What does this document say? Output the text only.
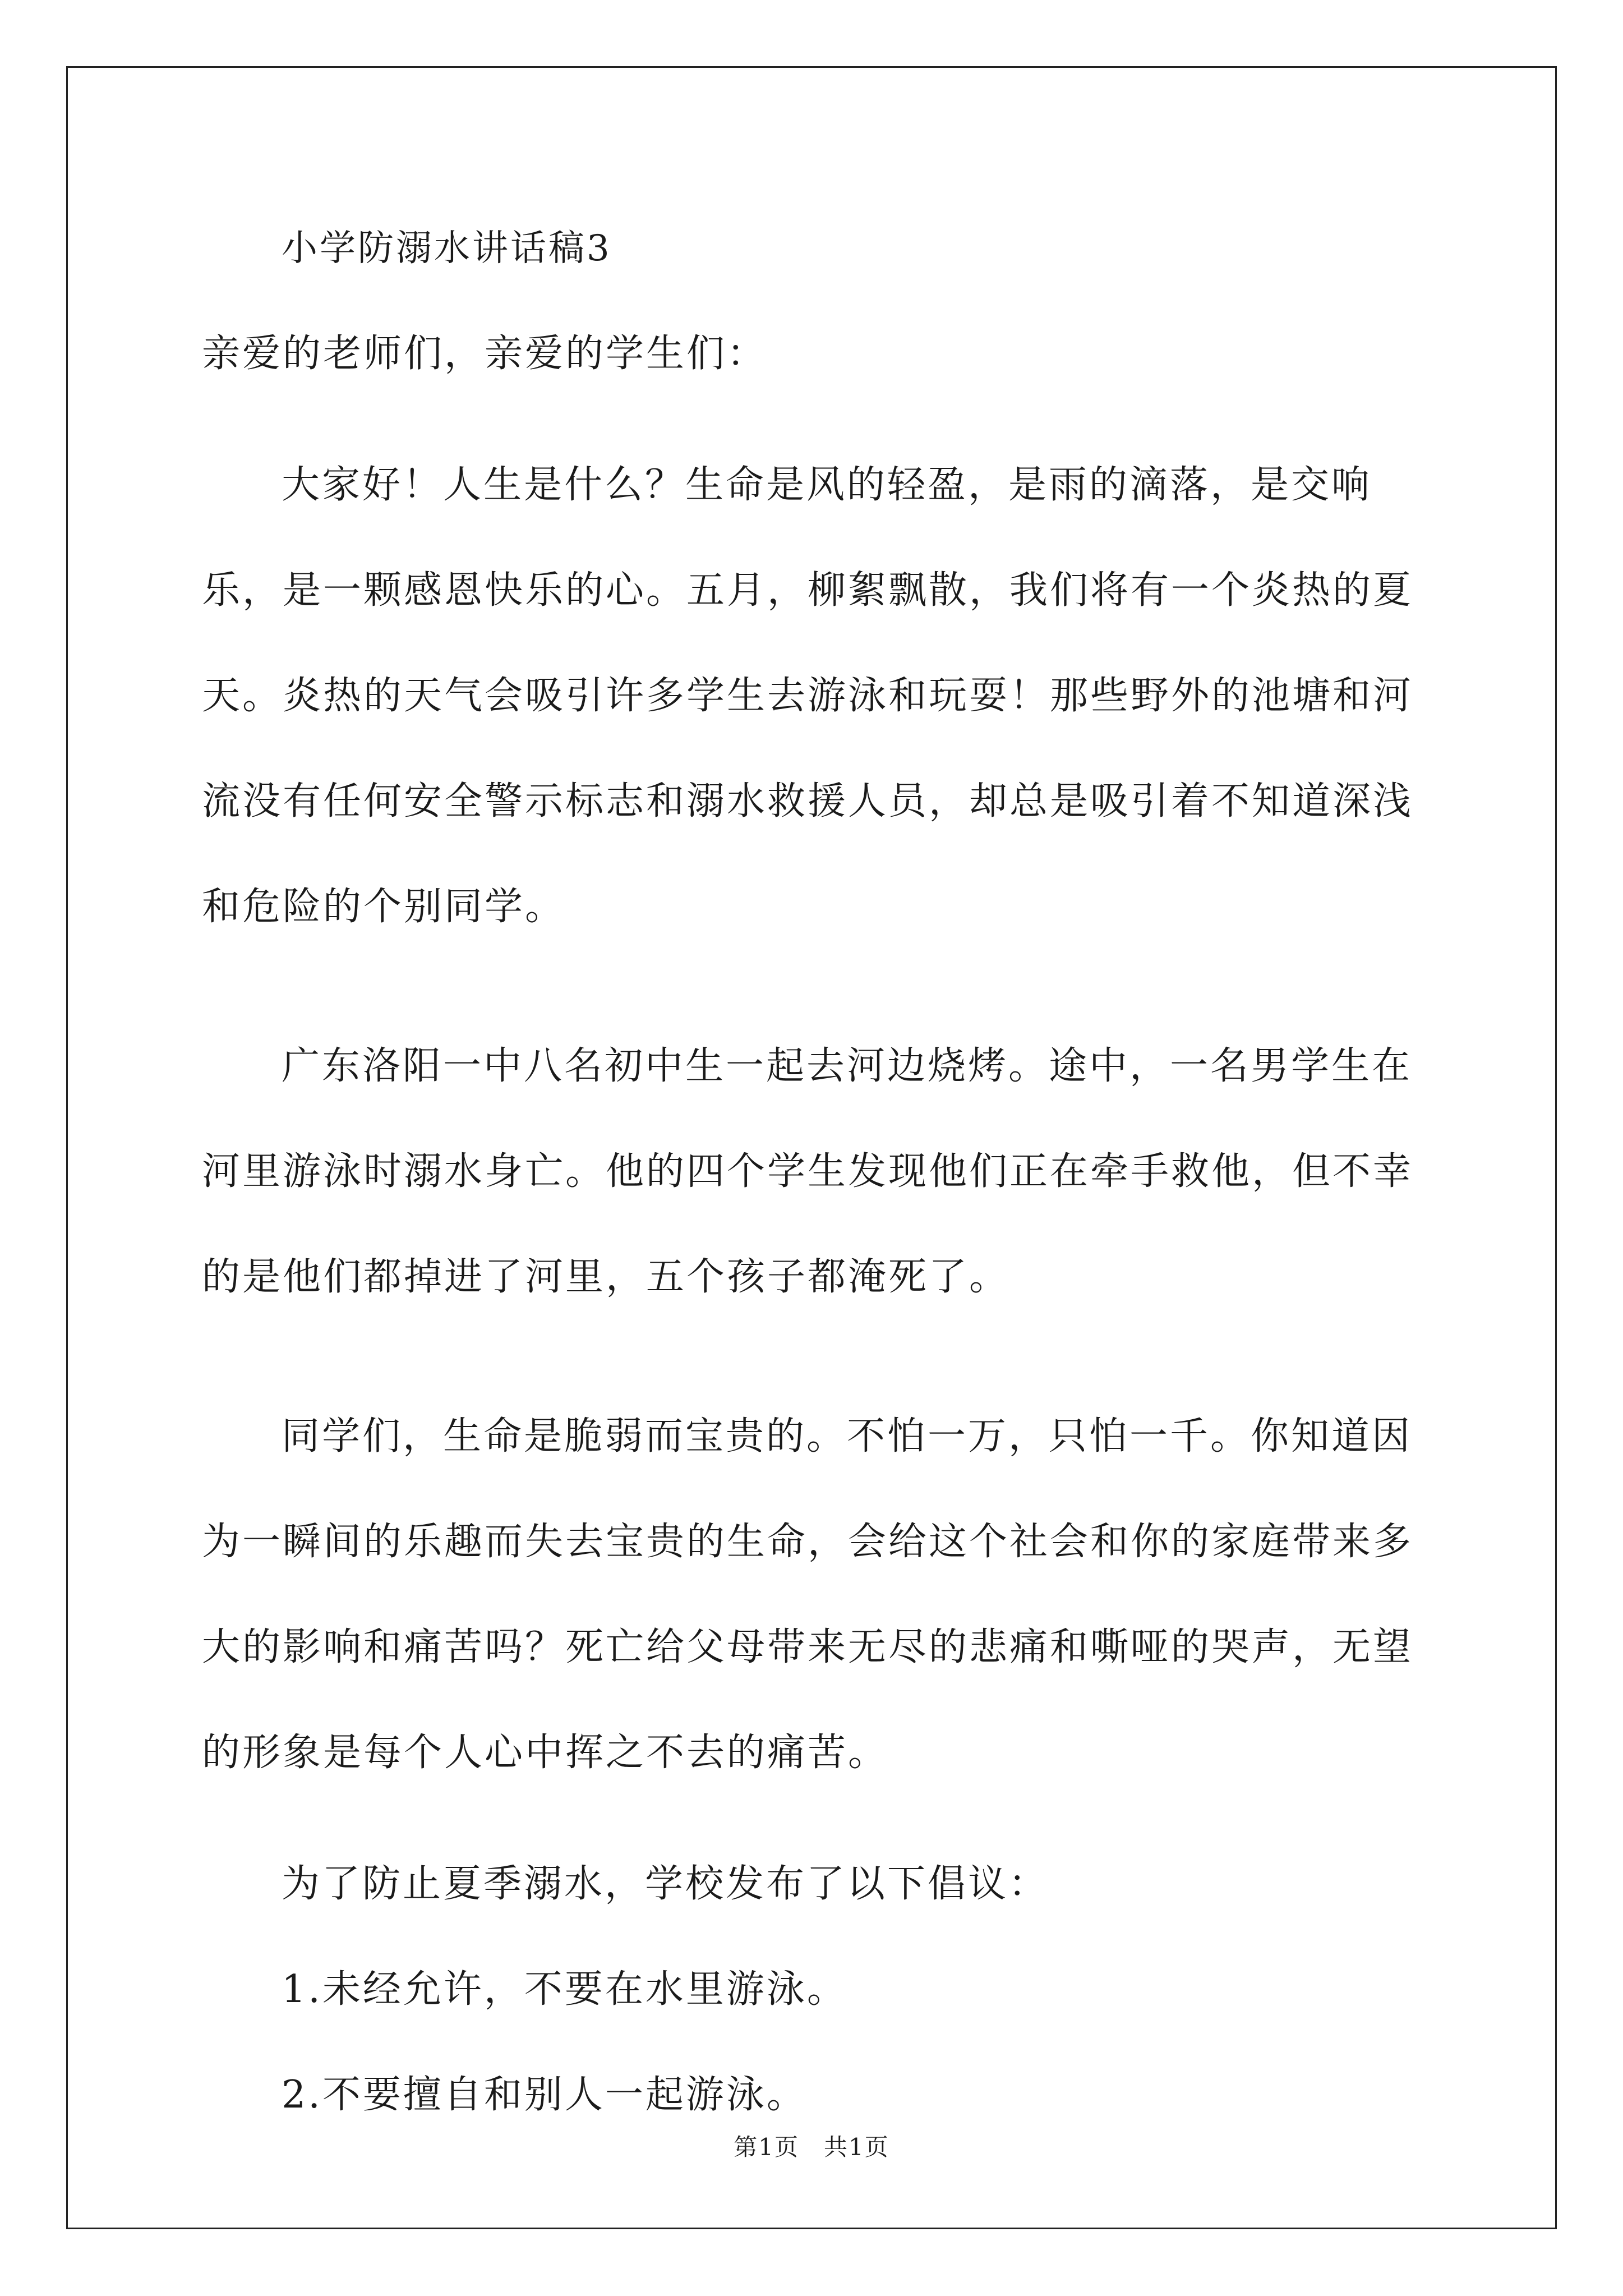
小学防溺水讲话稿3

亲爱的老师们，亲爱的学生们：

大家好！人生是什么？生命是风的轻盈，是雨的滴落，是交响乐，是一颗感恩快乐的心。五月，柳絮飘散，我们将有一个炎热的夏天。炎热的天气会吸引许多学生去游泳和玩耍！那些野外的池塘和河流没有任何安全警示标志和溺水救援人员，却总是吸引着不知道深浅和危险的个别同学。

广东洛阳一中八名初中生一起去河边烧烤。途中，一名男学生在河里游泳时溺水身亡。他的四个学生发现他们正在牵手救他，但不幸的是他们都掉进了河里，五个孩子都淹死了。

同学们，生命是脆弱而宝贵的。不怕一万，只怕一千。你知道因为一瞬间的乐趣而失去宝贵的生命，会给这个社会和你的家庭带来多大的影响和痛苦吗？死亡给父母带来无尽的悲痛和嘶哑的哭声，无望的形象是每个人心中挥之不去的痛苦。

为了防止夏季溺水，学校发布了以下倡议：

1.未经允许，不要在水里游泳。

2.不要擅自和别人一起游泳。

第1页　共1页
